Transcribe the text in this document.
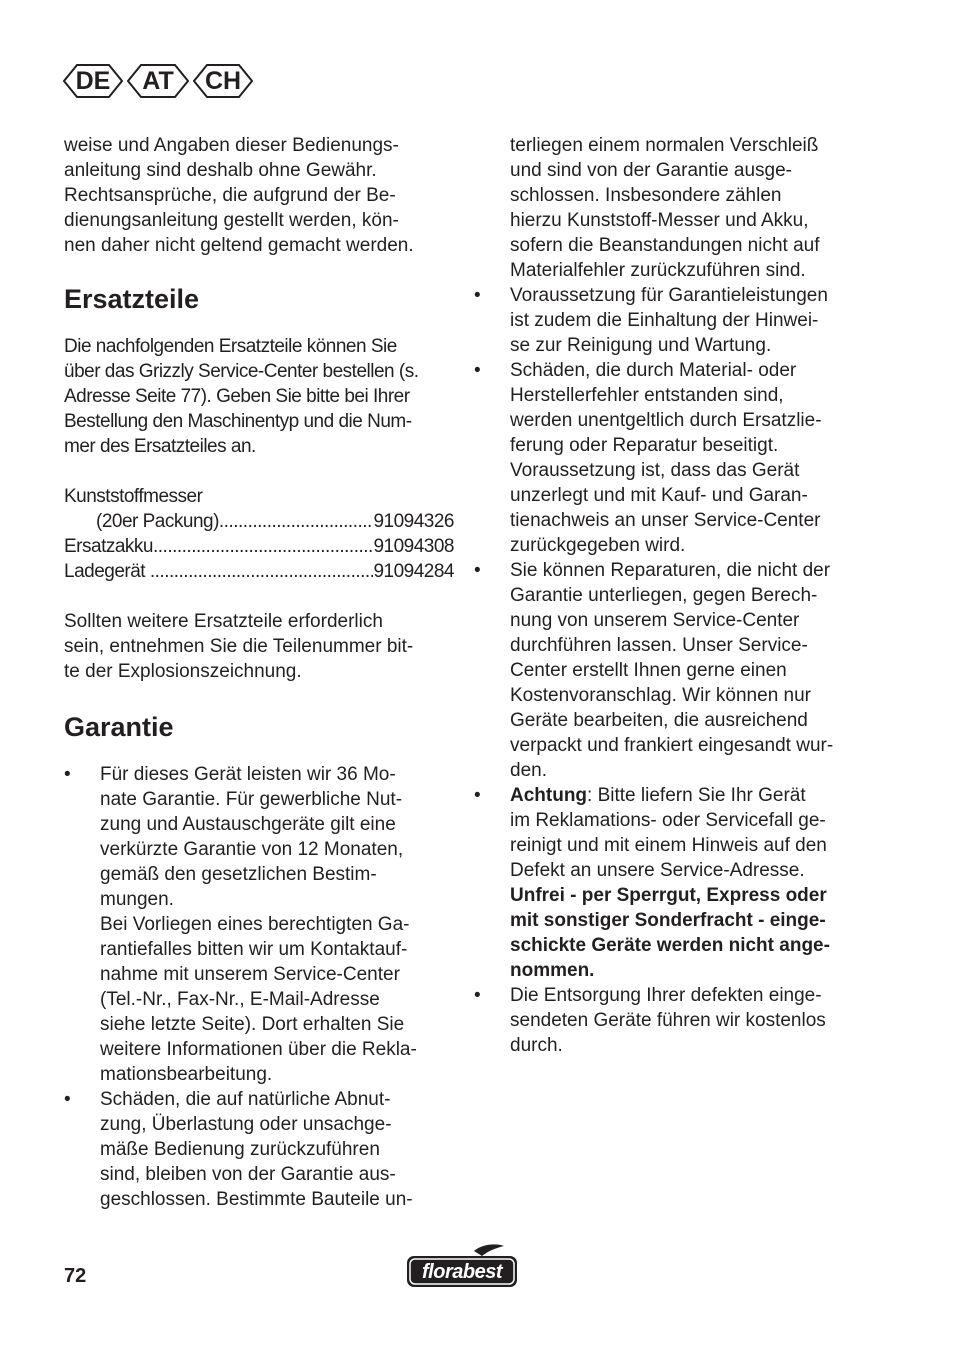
DE	AT	CH
weise und Angaben dieser Bedienungs-
anleitung sind deshalb ohne Gewähr.
Rechtsansprüche, die aufgrund der Be-
dienungsanleitung gestellt werden, kön-
nen daher nicht geltend gemacht werden.
Ersatzteile
Die nachfolgenden Ersatzteile können Sie
über das Grizzly Service-Center bestellen (s.
Adresse Seite 77). Geben Sie bitte bei Ihrer
Bestellung den Maschinentyp und die Num-
mer des Ersatzteiles an.
Kunststoffmesser
(20er Packung) .....	91094326
Ersatzakku .....	91094308
Ladegerät .....	91094284
Sollten weitere Ersatzteile erforderlich
sein, entnehmen Sie die Teilenummer bit-
te der Explosionszeichnung.
Garantie
• Für dieses Gerät leisten wir 36 Mo-
nate Garantie. Für gewerbliche Nut-
zung und Austauschgeräte gilt eine
verkürzte Garantie von 12 Monaten,
gemäß den gesetzlichen Bestim-
mungen.
Bei Vorliegen eines berechtigten Ga-
rantiefalles bitten wir um Kontaktauf-
nahme mit unserem Service-Center
(Tel.-Nr., Fax-Nr., E-Mail-Adresse
siehe letzte Seite). Dort erhalten Sie
weitere Informationen über die Rekla-
mationsbearbeitung.
• Schäden, die auf natürliche Abnut-
zung, Überlastung oder unsachge-
mäße Bedienung zurückzuführen
sind, bleiben von der Garantie aus-
geschlossen. Bestimmte Bauteile un-
terliegen einem normalen Verschleiß
und sind von der Garantie ausge-
schlossen. Insbesondere zählen
hierzu Kunststoff-Messer und Akku,
sofern die Beanstandungen nicht auf
Materialfehler zurückzuführen sind.
• Voraussetzung für Garantieleistungen
ist zudem die Einhaltung der Hinwei-
se zur Reinigung und Wartung.
• Schäden, die durch Material- oder
Herstellerfehler entstanden sind,
werden unentgeltlich durch Ersatzlie-
ferung oder Reparatur beseitigt.
Voraussetzung ist, dass das Gerät
unzerlegt und mit Kauf- und Garan-
tienachweis an unser Service-Center
zurückgegeben wird.
• Sie können Reparaturen, die nicht der
Garantie unterliegen, gegen Berech-
nung von unserem Service-Center
durchführen lassen. Unser Service-
Center erstellt Ihnen gerne einen
Kostenvoranschlag. Wir können nur
Geräte bearbeiten, die ausreichend
verpackt und frankiert eingesandt wur-
den.
• Achtung: Bitte liefern Sie Ihr Gerät
im Reklamations- oder Servicefall ge-
reinigt und mit einem Hinweis auf den
Defekt an unsere Service-Adresse.
Unfrei - per Sperrgut, Express oder
mit sonstiger Sonderfracht - einge-
schickte Geräte werden nicht ange-
nommen.
• Die Entsorgung Ihrer defekten einge-
sendeten Geräte führen wir kostenlos
durch.
72	florabest
